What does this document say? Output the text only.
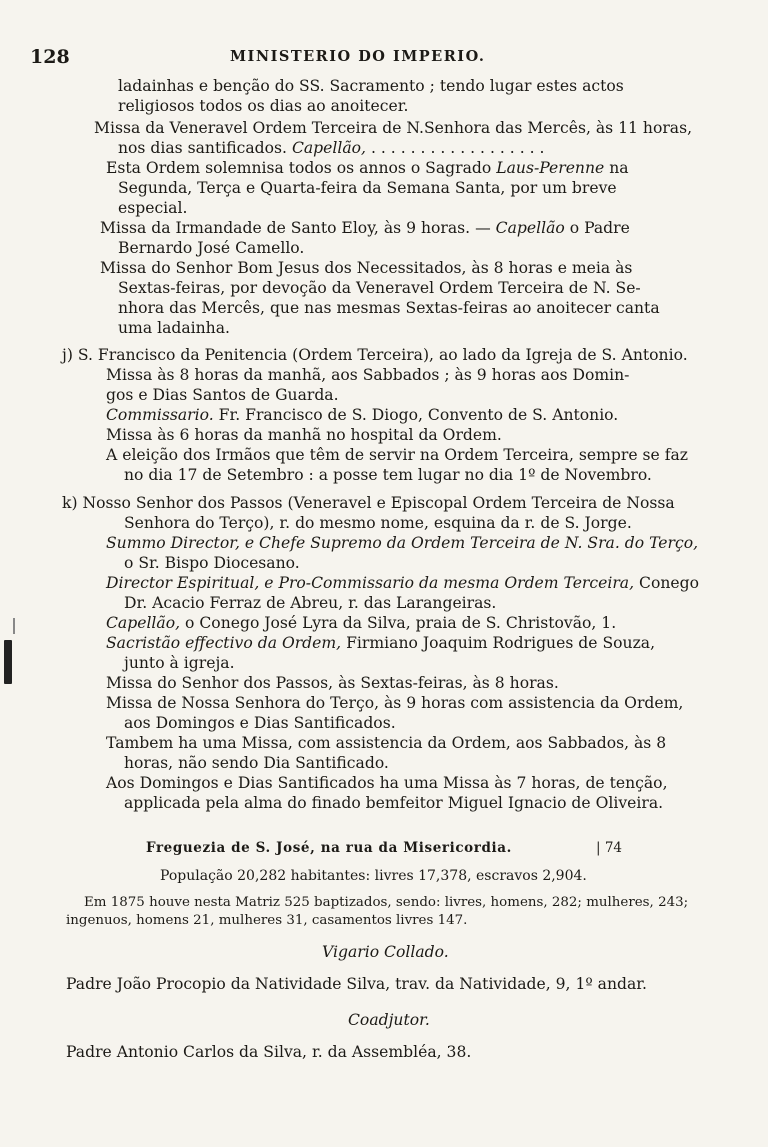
128	MINISTERIO DO IMPERIO.
ladainhas e benção do SS. Sacramento ; tendo lugar estes actos
religiosos todos os dias ao anoitecer.
Missa da Veneravel Ordem Terceira de N.Senhora das Mercês, às 11 horas,
nos dias santificados. Capellão, . . . . . . . . . . . . . . . . . .
Esta Ordem solemnisa todos os annos o Sagrado Laus-Perenne na
Segunda, Terça e Quarta-feira da Semana Santa, por um breve
especial.
Missa da Irmandade de Santo Eloy, às 9 horas. — Capellão o Padre
Bernardo José Camello.
Missa do Senhor Bom Jesus dos Necessitados, às 8 horas e meia às
Sextas-feiras, por devoção da Veneravel Ordem Terceira de N. Se-
nhora das Mercês, que nas mesmas Sextas-feiras ao anoitecer canta
uma ladainha.
j) S. Francisco da Penitencia (Ordem Terceira), ao lado da Igreja de S. Antonio.
Missa às 8 horas da manhã, aos Sabbados ; às 9 horas aos Domin-
gos e Dias Santos de Guarda.
Commissario. Fr. Francisco de S. Diogo, Convento de S. Antonio.
Missa às 6 horas da manhã no hospital da Ordem.
A eleição dos Irmãos que têm de servir na Ordem Terceira, sempre se faz
no dia 17 de Setembro : a posse tem lugar no dia 1º de Novembro.
k) Nosso Senhor dos Passos (Veneravel e Episcopal Ordem Terceira de Nossa
Senhora do Terço), r. do mesmo nome, esquina da r. de S. Jorge.
Summo Director, e Chefe Supremo da Ordem Terceira de N. Sra. do Terço,
o Sr. Bispo Diocesano.
Director Espiritual, e Pro-Commissario da mesma Ordem Terceira, Conego
Dr. Acacio Ferraz de Abreu, r. das Larangeiras.
Capellão, o Conego José Lyra da Silva, praia de S. Christovão, 1.
Sacristão effectivo da Ordem, Firmiano Joaquim Rodrigues de Souza,
junto à igreja.
Missa do Senhor dos Passos, às Sextas-feiras, às 8 horas.
Missa de Nossa Senhora do Terço, às 9 horas com assistencia da Ordem,
aos Domingos e Dias Santificados.
Tambem ha uma Missa, com assistencia da Ordem, aos Sabbados, às 8
horas, não sendo Dia Santificado.
Aos Domingos e Dias Santificados ha uma Missa às 7 horas, de tenção,
applicada pela alma do finado bemfeitor Miguel Ignacio de Oliveira.
Freguezia de S. José, na rua da Misericordia.	| 74
População 20,282 habitantes: livres 17,378, escravos 2,904.
Em 1875 houve nesta Matriz 525 baptizados, sendo: livres, homens, 282; mulheres, 243;
ingenuos, homens 21, mulheres 31, casamentos livres 147.
Vigario Collado.
Padre João Procopio da Natividade Silva, trav. da Natividade, 9, 1º andar.
Coadjutor.
Padre Antonio Carlos da Silva, r. da Assembléa, 38.
